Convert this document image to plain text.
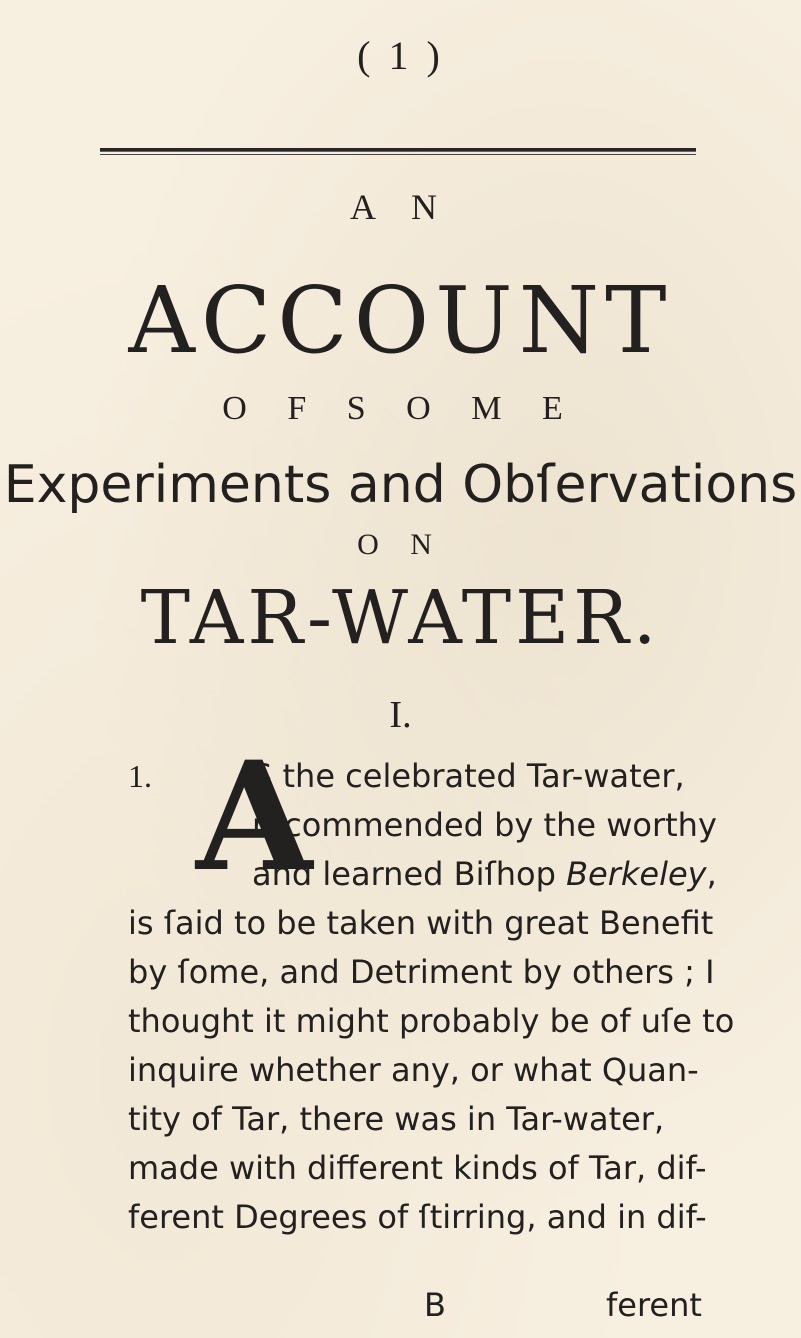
( 1 )
A N
ACCOUNT
O F S O M E
Experiments and Obſervations
O N
TAR-WATER.
I.
1. A
S the celebrated Tar-water,
recommended by the worthy
and learned Biſhop Berkeley,
is ſaid to be taken with great Benefit
by ſome, and Detriment by others ; I
thought it might probably be of uſe to
inquire whether any, or what Quan-
tity of Tar, there was in Tar-water,
made with different kinds of Tar, dif-
ferent Degrees of ſtirring, and in dif-
B	ferent
